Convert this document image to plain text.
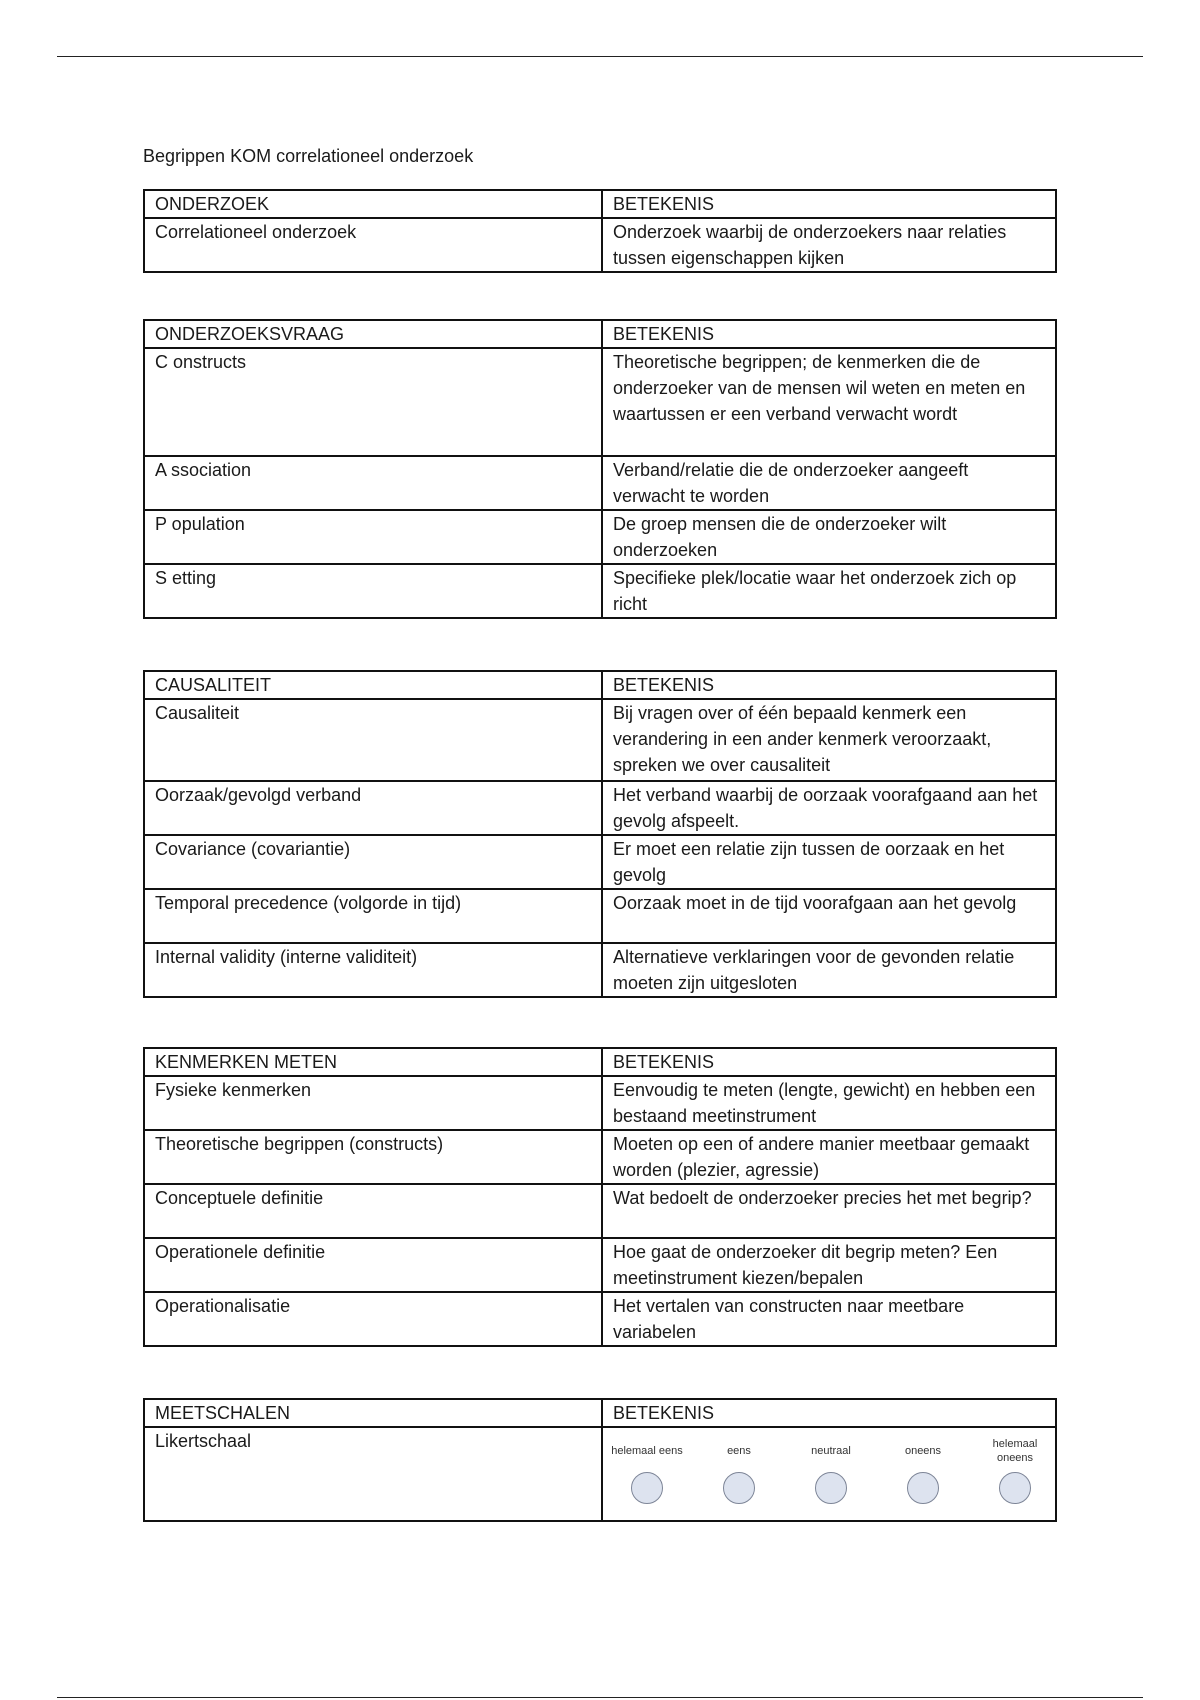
Begrippen KOM correlationeel onderzoek
ONDERZOEK	BETEKENIS
Correlationeel onderzoek	Onderzoek waarbij de onderzoekers naar relaties tussen eigenschappen kijken
ONDERZOEKSVRAAG	BETEKENIS
C onstructs	Theoretische begrippen; de kenmerken die de onderzoeker van de mensen wil weten en meten en waartussen er een verband verwacht wordt
A ssociation	Verband/relatie die de onderzoeker aangeeft verwacht te worden
P opulation	De groep mensen die de onderzoeker wilt onderzoeken
S etting	Specifieke plek/locatie waar het onderzoek zich op richt
CAUSALITEIT	BETEKENIS
Causaliteit	Bij vragen over of één bepaald kenmerk een verandering in een ander kenmerk veroorzaakt, spreken we over causaliteit
Oorzaak/gevolgd verband	Het verband waarbij de oorzaak voorafgaand aan het gevolg afspeelt.
Covariance (covariantie)	Er moet een relatie zijn tussen de oorzaak en het gevolg
Temporal precedence (volgorde in tijd)	Oorzaak moet in de tijd voorafgaan aan het gevolg
Internal validity (interne validiteit)	Alternatieve verklaringen voor de gevonden relatie moeten zijn uitgesloten
KENMERKEN METEN	BETEKENIS
Fysieke kenmerken	Eenvoudig te meten (lengte, gewicht) en hebben een bestaand meetinstrument
Theoretische begrippen (constructs)	Moeten op een of andere manier meetbaar gemaakt worden (plezier, agressie)
Conceptuele definitie	Wat bedoelt de onderzoeker precies het met begrip?
Operationele definitie	Hoe gaat de onderzoeker dit begrip meten? Een meetinstrument kiezen/bepalen
Operationalisatie	Het vertalen van constructen naar meetbare variabelen
MEETSCHALEN	BETEKENIS
Likertschaal	helemaal eens eens neutraal oneens
helemaal oneens
